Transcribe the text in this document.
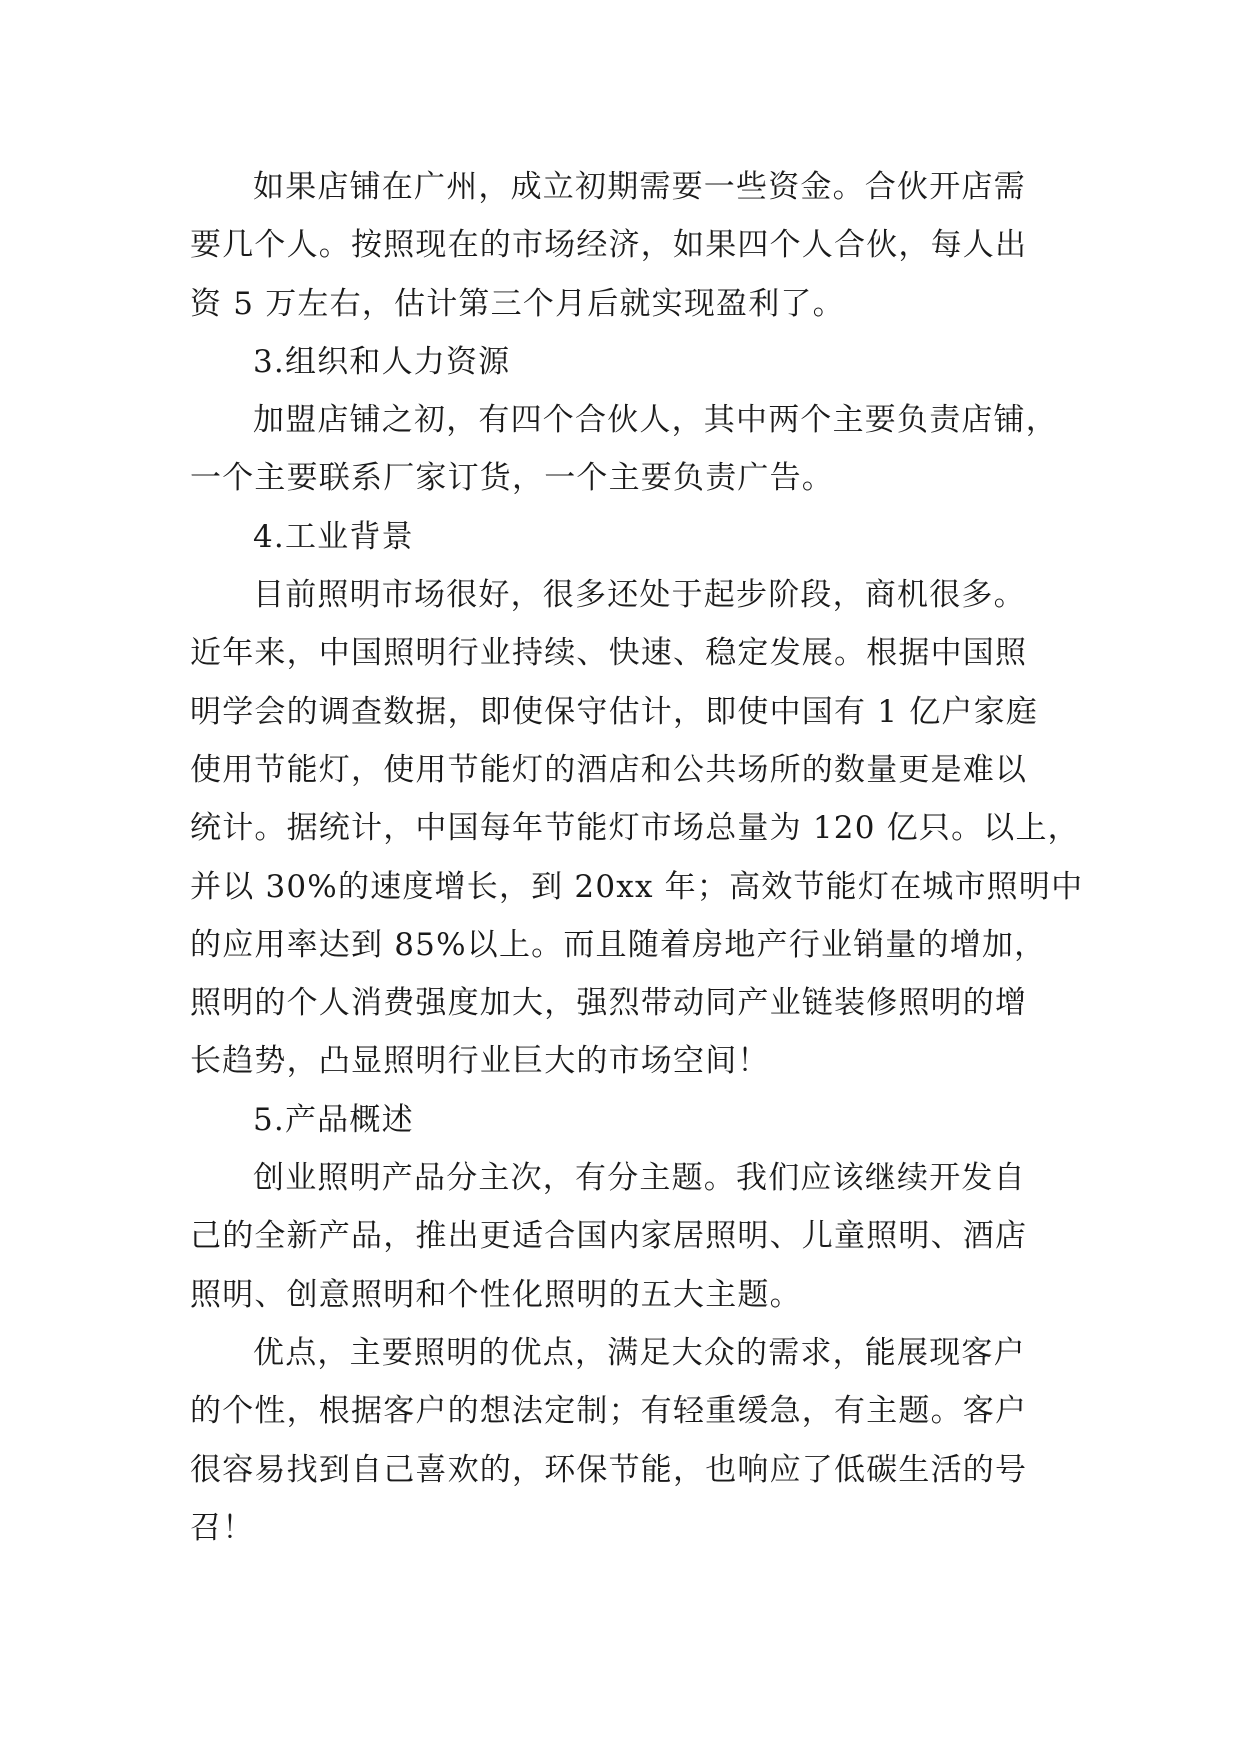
如果店铺在广州，成立初期需要一些资金。合伙开店需
要几个人。按照现在的市场经济，如果四个人合伙，每人出
资 5 万左右，估计第三个月后就实现盈利了。
3.组织和人力资源
加盟店铺之初，有四个合伙人，其中两个主要负责店铺，
一个主要联系厂家订货，一个主要负责广告。
4.工业背景
目前照明市场很好，很多还处于起步阶段，商机很多。
近年来，中国照明行业持续、快速、稳定发展。根据中国照
明学会的调查数据，即使保守估计，即使中国有 1 亿户家庭
使用节能灯，使用节能灯的酒店和公共场所的数量更是难以
统计。据统计，中国每年节能灯市场总量为 120 亿只。以上，
并以 30%的速度增长，到 20xx 年；高效节能灯在城市照明中
的应用率达到 85%以上。而且随着房地产行业销量的增加，
照明的个人消费强度加大，强烈带动同产业链装修照明的增
长趋势，凸显照明行业巨大的市场空间！
5.产品概述
创业照明产品分主次，有分主题。我们应该继续开发自
己的全新产品，推出更适合国内家居照明、儿童照明、酒店
照明、创意照明和个性化照明的五大主题。
优点，主要照明的优点，满足大众的需求，能展现客户
的个性，根据客户的想法定制；有轻重缓急，有主题。客户
很容易找到自己喜欢的，环保节能，也响应了低碳生活的号
召！
